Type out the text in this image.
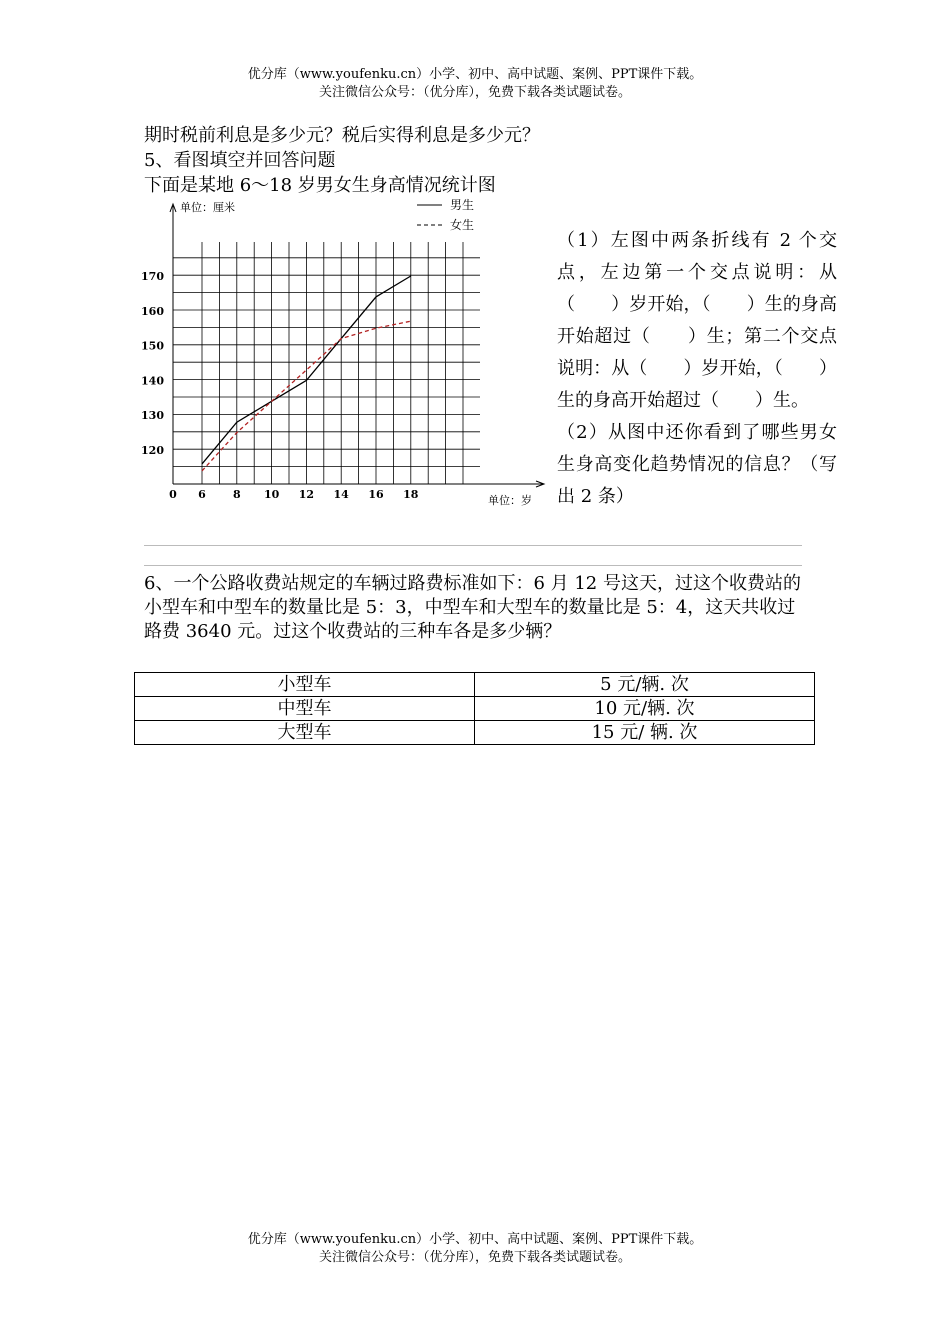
优分库（www.youfenku.cn）小学、初中、高中试题、案例、PPT课件下载。
关注微信公众号：（优分库），免费下载各类试题试卷。
期时税前利息是多少元？税后实得利息是多少元？
5、看图填空并回答问题
下面是某地 6～18 岁男女生身高情况统计图
0 6 8 10 12 14 16 18
120
130
140
150
160
170
男生
女生
单位：厘米
单位：岁

（1）左图中两条折线有 2 个交点，左边第一个交点说明：从（　　）岁开始，（　　）生的身高开始超过（　　）生；第二个交点说明：从（　　）岁开始，（　　）生的身高开始超过（　　）生。

（2）从图中还你看到了哪些男女生身高变化趋势情况的信息？（写出 2 条）

6、一个公路收费站规定的车辆过路费标准如下：6 月 12 号这天，过这个收费站的小型车和中型车的数量比是 5：3，中型车和大型车的数量比是 5：4，这天共收过路费 3640 元。过这个收费站的三种车各是多少辆？

小型车	5 元/辆. 次
中型车	10 元/辆. 次
大型车	15 元/ 辆. 次
优分库（www.youfenku.cn）小学、初中、高中试题、案例、PPT课件下载。
关注微信公众号：（优分库），免费下载各类试题试卷。
